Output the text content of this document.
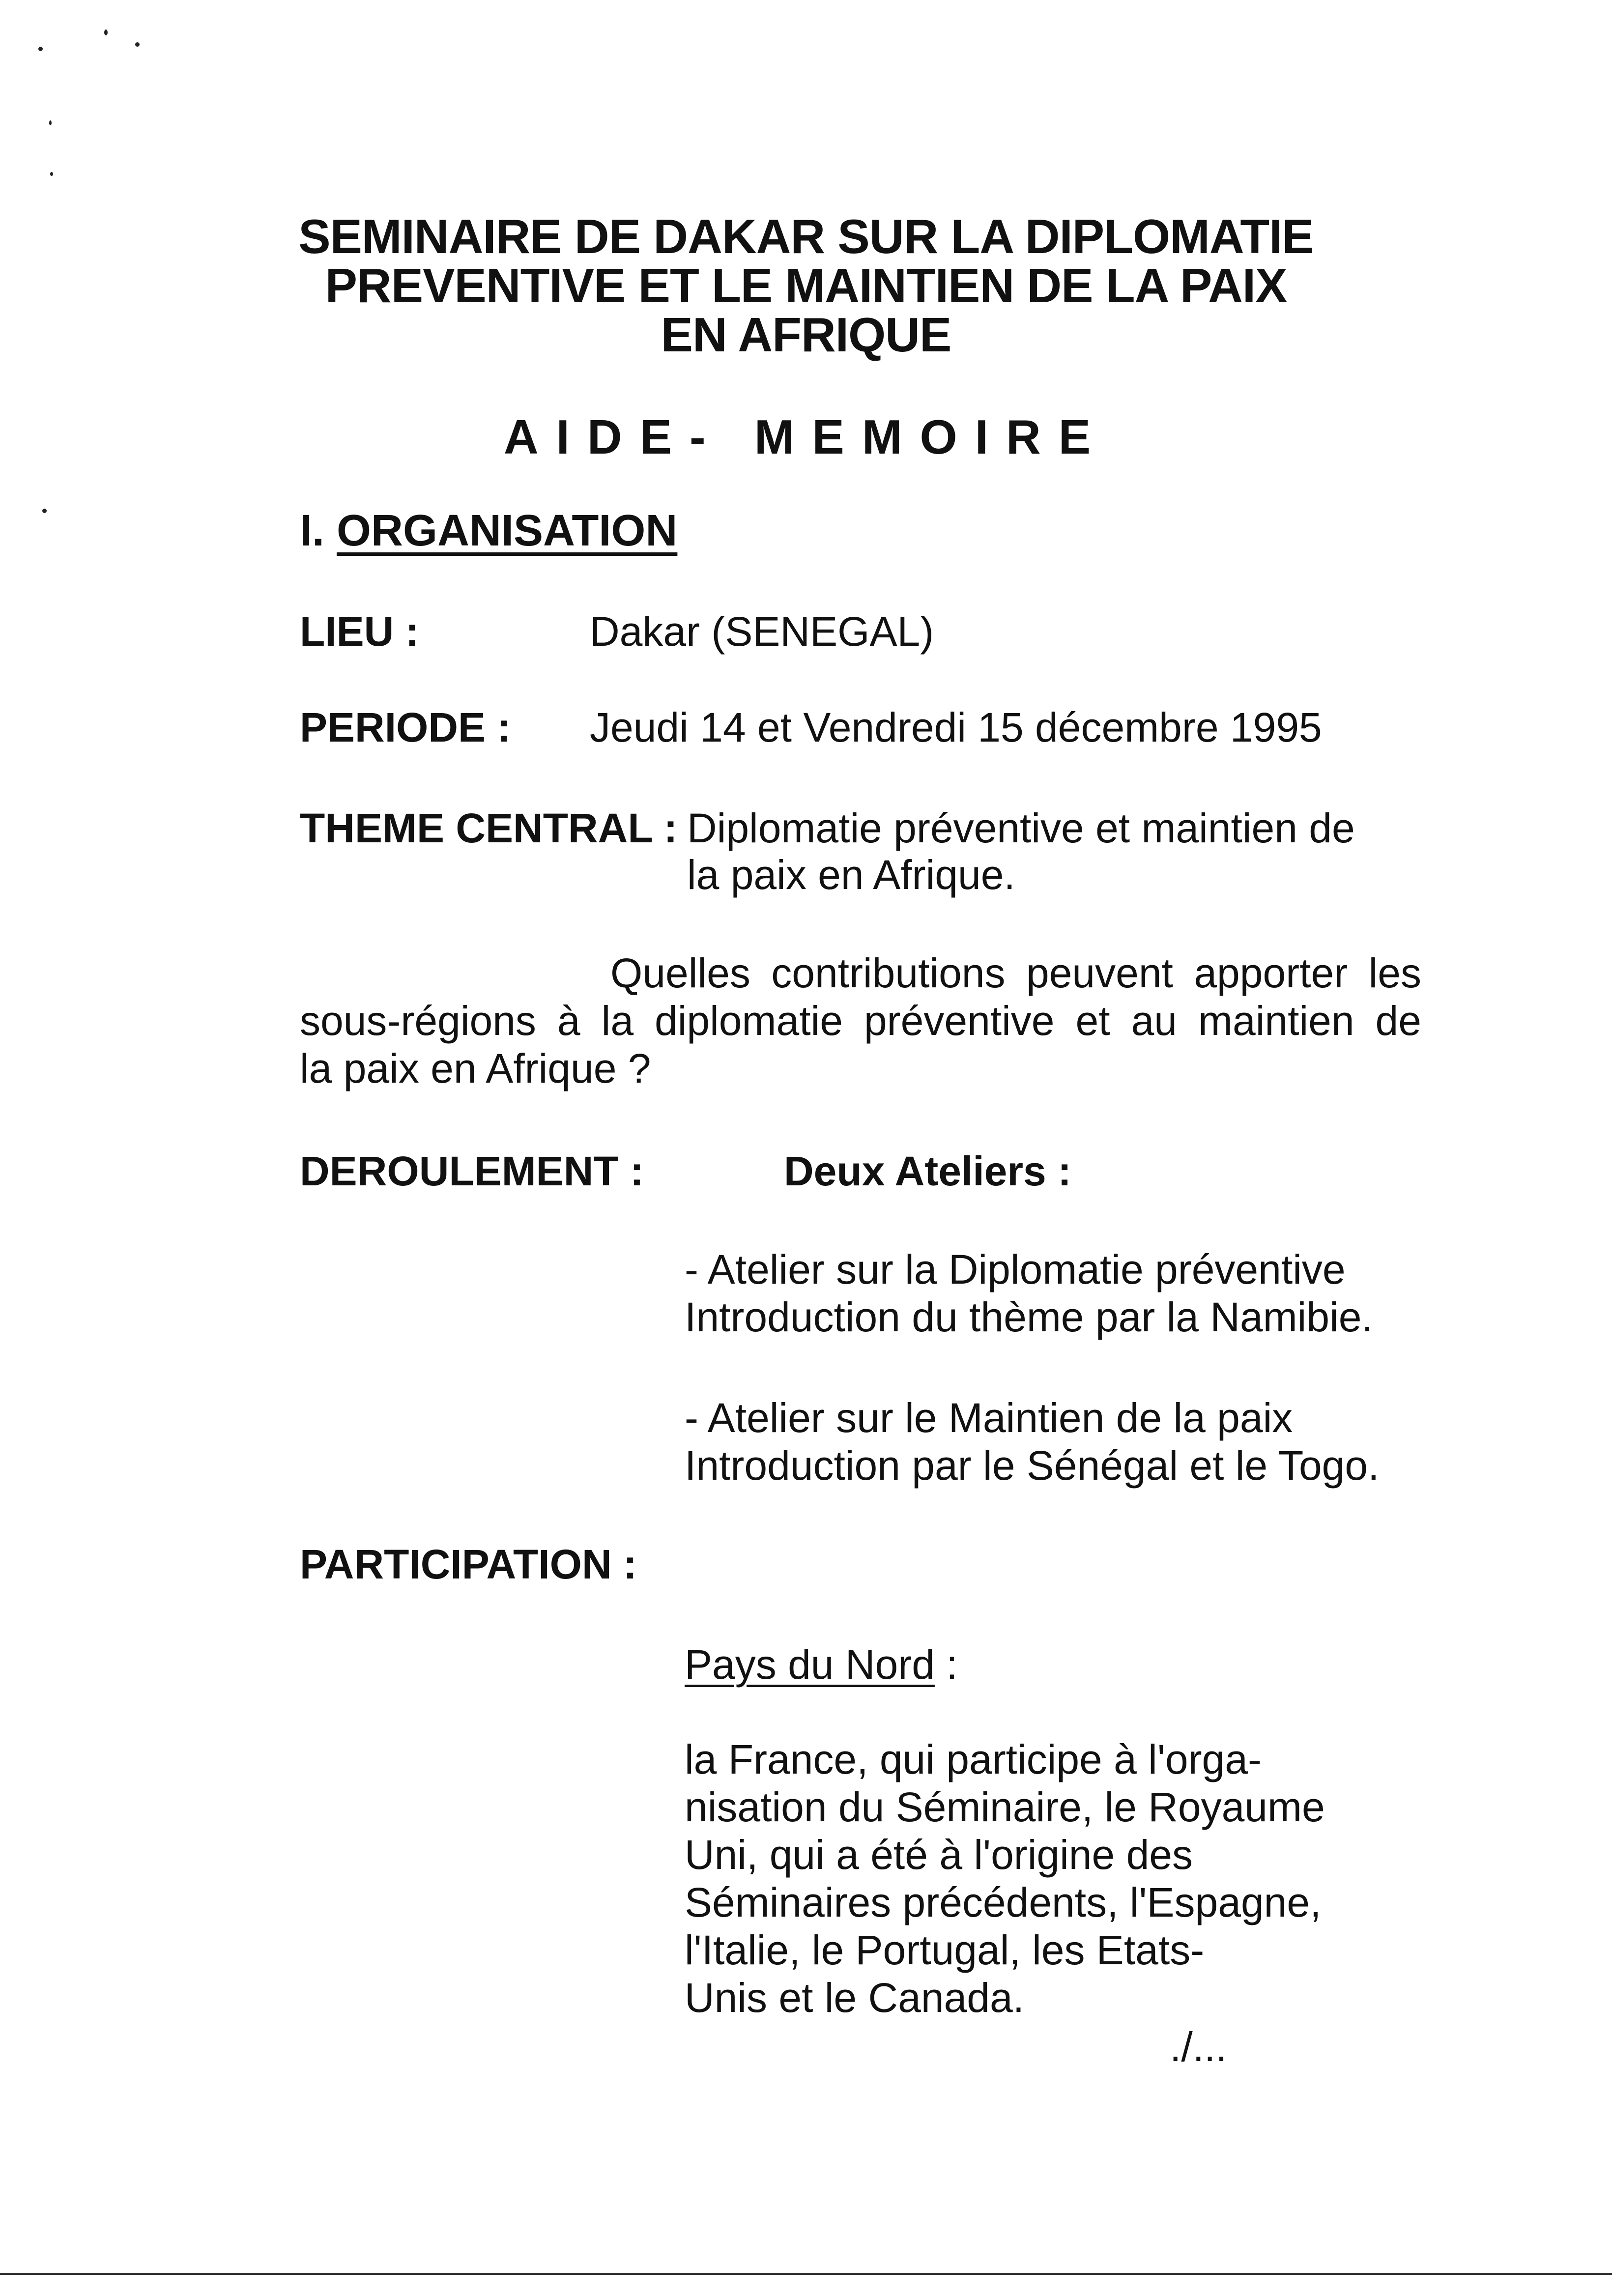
SEMINAIRE DE DAKAR SUR LA DIPLOMATIE
PREVENTIVE ET LE MAINTIEN DE LA PAIX
EN AFRIQUE
AIDE- MEMOIRE
I. ORGANISATION
LIEU :	Dakar (SENEGAL)
PERIODE : Jeudi 14 et Vendredi 15 décembre 1995
THEME CENTRAL : Diplomatie préventive et maintien de
la paix en Afrique.
Quelles contributions peuvent apporter les
sous-régions à la diplomatie préventive et au maintien de
la paix en Afrique ?
DEROULEMENT :	Deux Ateliers :
- Atelier sur la Diplomatie préventive
Introduction du thème par la Namibie.
- Atelier sur le Maintien de la paix
Introduction par le Sénégal et le Togo.
PARTICIPATION :
Pays du Nord :
la France, qui participe à l'orga-
nisation du Séminaire, le Royaume
Uni, qui a été à l'origine des
Séminaires précédents, l'Espagne,
l'Italie, le Portugal, les Etats-
Unis et le Canada.
./...
